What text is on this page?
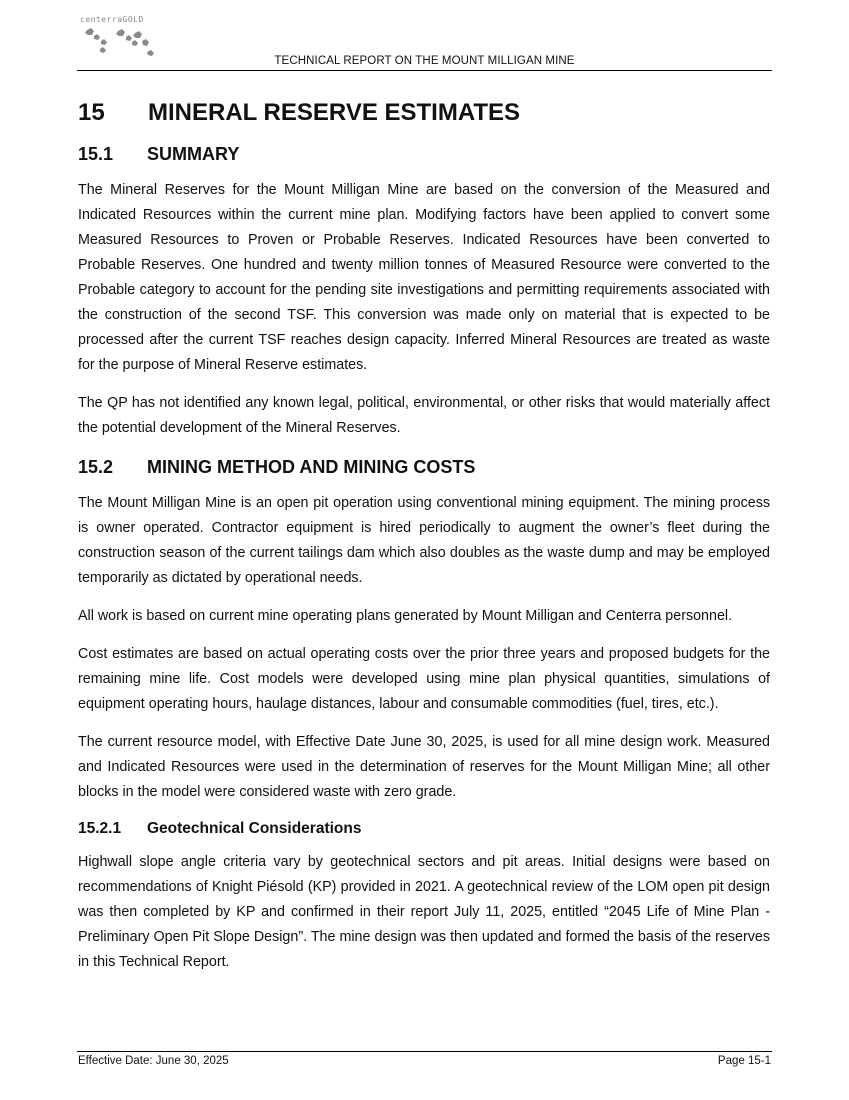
centerraGOLD
TECHNICAL REPORT ON THE MOUNT MILLIGAN MINE
15 MINERAL RESERVE ESTIMATES
15.1 SUMMARY

The Mineral Reserves for the Mount Milligan Mine are based on the conversion of the Measured and Indicated Resources within the current mine plan. Modifying factors have been applied to convert some Measured Resources to Proven or Probable Reserves. Indicated Resources have been converted to Probable Reserves. One hundred and twenty million tonnes of Measured Resource were converted to the Probable category to account for the pending site investigations and permitting requirements associated with the construction of the second TSF. This conversion was made only on material that is expected to be processed after the current TSF reaches design capacity. Inferred Mineral Resources are treated as waste for the purpose of Mineral Reserve estimates.

The QP has not identified any known legal, political, environmental, or other risks that would materially affect the potential development of the Mineral Reserves.

15.2 MINING METHOD AND MINING COSTS

The Mount Milligan Mine is an open pit operation using conventional mining equipment. The mining process is owner operated. Contractor equipment is hired periodically to augment the owner’s fleet during the construction season of the current tailings dam which also doubles as the waste dump and may be employed temporarily as dictated by operational needs.

All work is based on current mine operating plans generated by Mount Milligan and Centerra personnel.

Cost estimates are based on actual operating costs over the prior three years and proposed budgets for the remaining mine life. Cost models were developed using mine plan physical quantities, simulations of equipment operating hours, haulage distances, labour and consumable commodities (fuel, tires, etc.).

The current resource model, with Effective Date June 30, 2025, is used for all mine design work. Measured and Indicated Resources were used in the determination of reserves for the Mount Milligan Mine; all other blocks in the model were considered waste with zero grade.

15.2.1 Geotechnical Considerations

Highwall slope angle criteria vary by geotechnical sectors and pit areas. Initial designs were based on recommendations of Knight Piésold (KP) provided in 2021. A geotechnical review of the LOM open pit design was then completed by KP and confirmed in their report July 11, 2025, entitled “2045 Life of Mine Plan - Preliminary Open Pit Slope Design”. The mine design was then updated and formed the basis of the reserves in this Technical Report.

Effective Date: June 30, 2025	Page 15-1
